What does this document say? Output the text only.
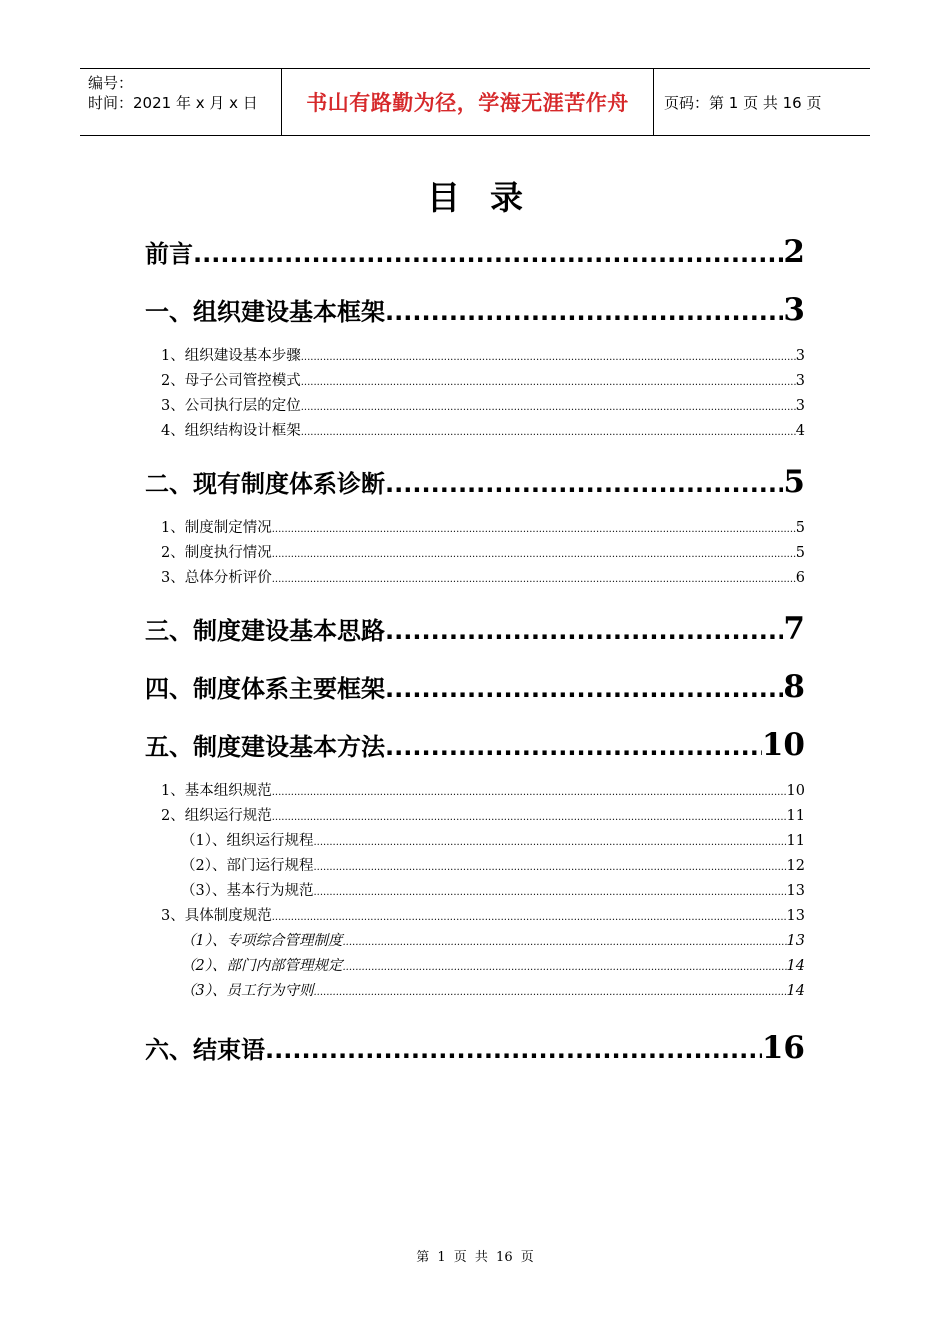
编号：
时间：2021 年 x 月 x 日	书山有路勤为径，学海无涯苦作舟	页码：第 1 页 共 16 页
目录
前言 .....	2
一、组织建设基本框架 .....	3
1、组织建设基本步骤 .....	3
2、母子公司管控模式 .....	3
3、公司执行层的定位 .....	3
4、组织结构设计框架 .....	4
二、现有制度体系诊断 .....	5
1、制度制定情况 .....	5
2、制度执行情况 .....	5
3、总体分析评价 .....	6
三、制度建设基本思路 .....	7
四、制度体系主要框架 .....	8
五、制度建设基本方法 .....	10
1、基本组织规范 .....	10
2、组织运行规范 .....	11
（1）、组织运行规程 .....	11
（2）、部门运行规程 .....	12
（3）、基本行为规范 .....	13
3、具体制度规范 .....	13
（1）、专项综合管理制度 .....	13
（2）、部门内部管理规定 .....	14
（3）、员工行为守则 .....	14
六、结束语 .....	16
第 1 页 共 16 页
